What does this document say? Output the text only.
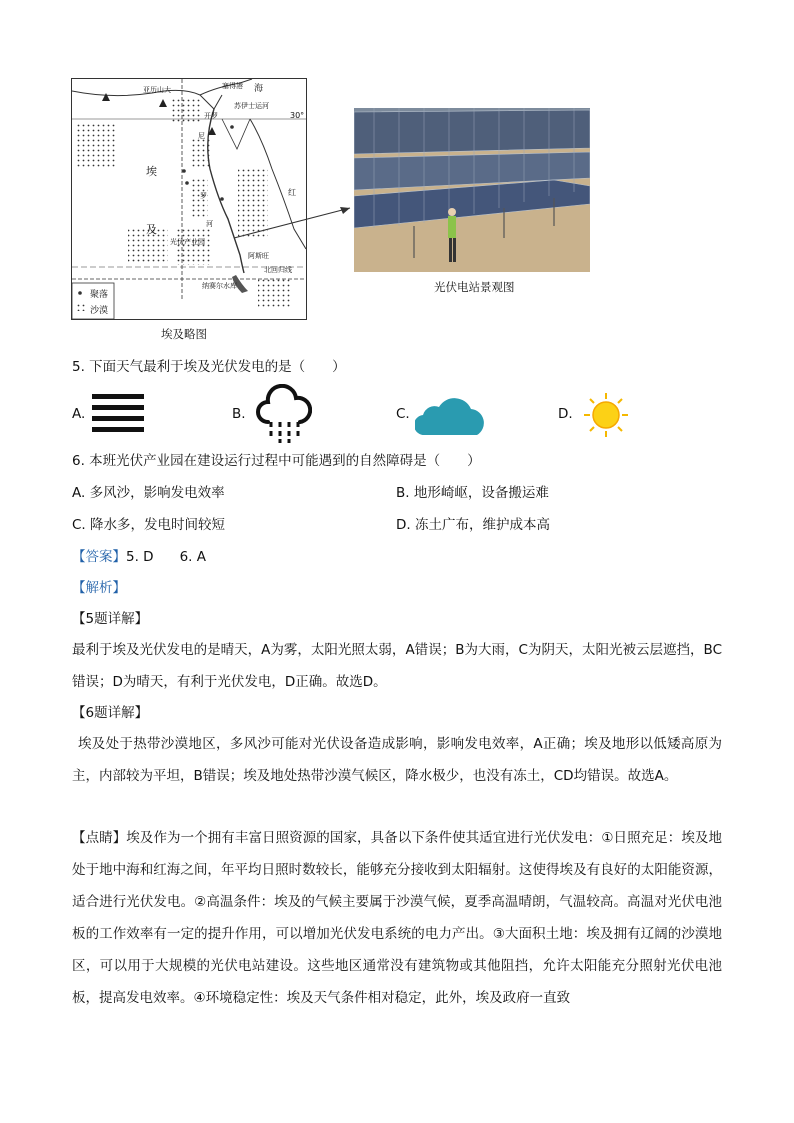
亚历山大	塞得港 海
苏伊士运河
开罗	30°
尼
罗
河
埃
及
红
光伏产业园
阿斯旺
北回归线
纳赛尔水库
聚落
沙漠
埃及略图
光伏电站景观图
5. 下面天气最利于埃及光伏发电的是（　　）
A.	B.	C.	D.
6. 本班光伏产业园在建设运行过程中可能遇到的自然障碍是（　　）
A. 多风沙，影响发电效率	B. 地形崎岖，设备搬运难
C. 降水多，发电时间较短	D. 冻土广布，维护成本高
【答案】5. D 6. A
【解析】
【5题详解】
最利于埃及光伏发电的是晴天，A为雾，太阳光照太弱，A错误；B为大雨，C为阴天，太阳光被云层遮挡，BC错误；D为晴天，有利于光伏发电，D正确。故选D。
【6题详解】
埃及处于热带沙漠地区，多风沙可能对光伏设备造成影响，影响发电效率，A正确；埃及地形以低矮高原为主，内部较为平坦，B错误；埃及地处热带沙漠气候区，降水极少，也没有冻土，CD均错误。故选A。
【点睛】埃及作为一个拥有丰富日照资源的国家，具备以下条件使其适宜进行光伏发电：①日照充足：埃及地处于地中海和红海之间，年平均日照时数较长，能够充分接收到太阳辐射。这使得埃及有良好的太阳能资源，适合进行光伏发电。②高温条件：埃及的气候主要属于沙漠气候，夏季高温晴朗，气温较高。高温对光伏电池板的工作效率有一定的提升作用，可以增加光伏发电系统的电力产出。③大面积土地：埃及拥有辽阔的沙漠地区，可以用于大规模的光伏电站建设。这些地区通常没有建筑物或其他阻挡，允许太阳能充分照射光伏电池板，提高发电效率。④环境稳定性：埃及天气条件相对稳定，此外，埃及政府一直致
